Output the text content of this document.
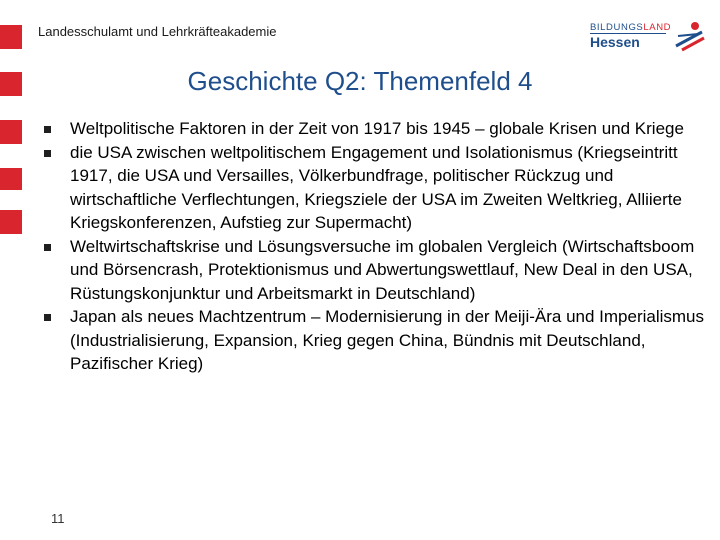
Landesschulamt und Lehrkräfteakademie	BILDUNGSLAND
Hessen
Geschichte Q2: Themenfeld 4
Weltpolitische Faktoren in der Zeit von 1917 bis 1945 – globale Krisen und Kriege
die USA zwischen weltpolitischem Engagement und Isolationismus (Kriegseintritt 1917, die USA und Versailles, Völkerbundfrage, politischer Rückzug und wirtschaftliche Verflechtungen, Kriegsziele der USA im Zweiten Weltkrieg, Alliierte Kriegskonferenzen, Aufstieg zur Supermacht)
Weltwirtschaftskrise und Lösungsversuche im globalen Vergleich (Wirtschaftsboom und Börsencrash, Protektionismus und Abwertungswettlauf, New Deal in den USA, Rüstungskonjunktur und Arbeitsmarkt in Deutschland)
Japan als neues Machtzentrum – Modernisierung in der Meiji-Ära und Imperialismus (Industrialisierung, Expansion, Krieg gegen China, Bündnis mit Deutschland, Pazifischer Krieg)
11
